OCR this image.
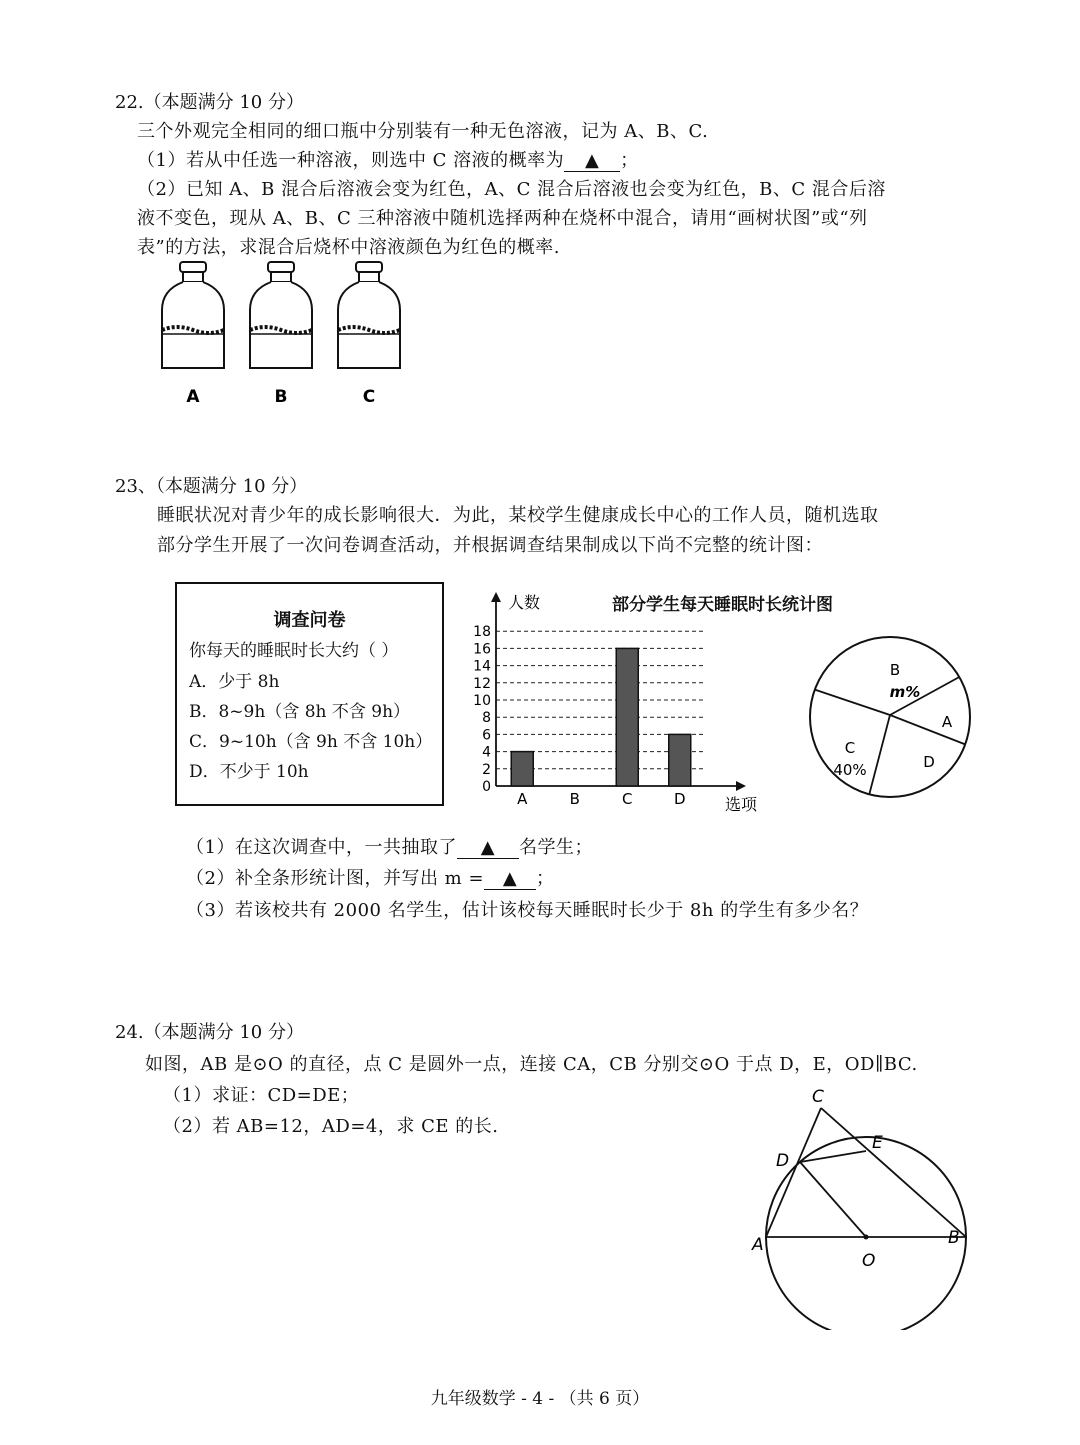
22.（本题满分 10 分）
三个外观完全相同的细口瓶中分别装有一种无色溶液，记为 A、B、C.
（1）若从中任选一种溶液，则选中 C 溶液的概率为 ▲ ；
（2）已知 A、B 混合后溶液会变为红色，A、C 混合后溶液也会变为红色，B、C 混合后溶
液不变色，现从 A、B、C 三种溶液中随机选择两种在烧杯中混合，请用“画树状图”或“列
表”的方法，求混合后烧杯中溶液颜色为红色的概率.
A	B	C
23、（本题满分 10 分）
睡眠状况对青少年的成长影响很大．为此，某校学生健康成长中心的工作人员，随机选取
部分学生开展了一次问卷调查活动，并根据调查结果制成以下尚不完整的统计图：
调查问卷
你每天的睡眠时长大约（ ）
A．少于 8h
B．8~9h（含 8h 不含 9h）
C．9~10h（含 9h 不含 10h）
D．不少于 10h
人数
选项
0
2
4
6
8
10
12
14
16
18
A	B	C	D
部分学生每天睡眠时长统计图
B
m%
A
D
C
40%
（1）在这次调查中，一共抽取了 ▲ 名学生；
（2）补全条形统计图，并写出 m = ▲ ；
（3）若该校共有 2000 名学生，估计该校每天睡眠时长少于 8h 的学生有多少名？
24.（本题满分 10 分）
如图，AB 是⊙O 的直径，点 C 是圆外一点，连接 CA，CB 分别交⊙O 于点 D，E，OD∥BC.
（1）求证：CD=DE；
（2）若 AB=12，AD=4，求 CE 的长.
C
E
D
A	B
O
九年级数学 - 4 - （共 6 页）
